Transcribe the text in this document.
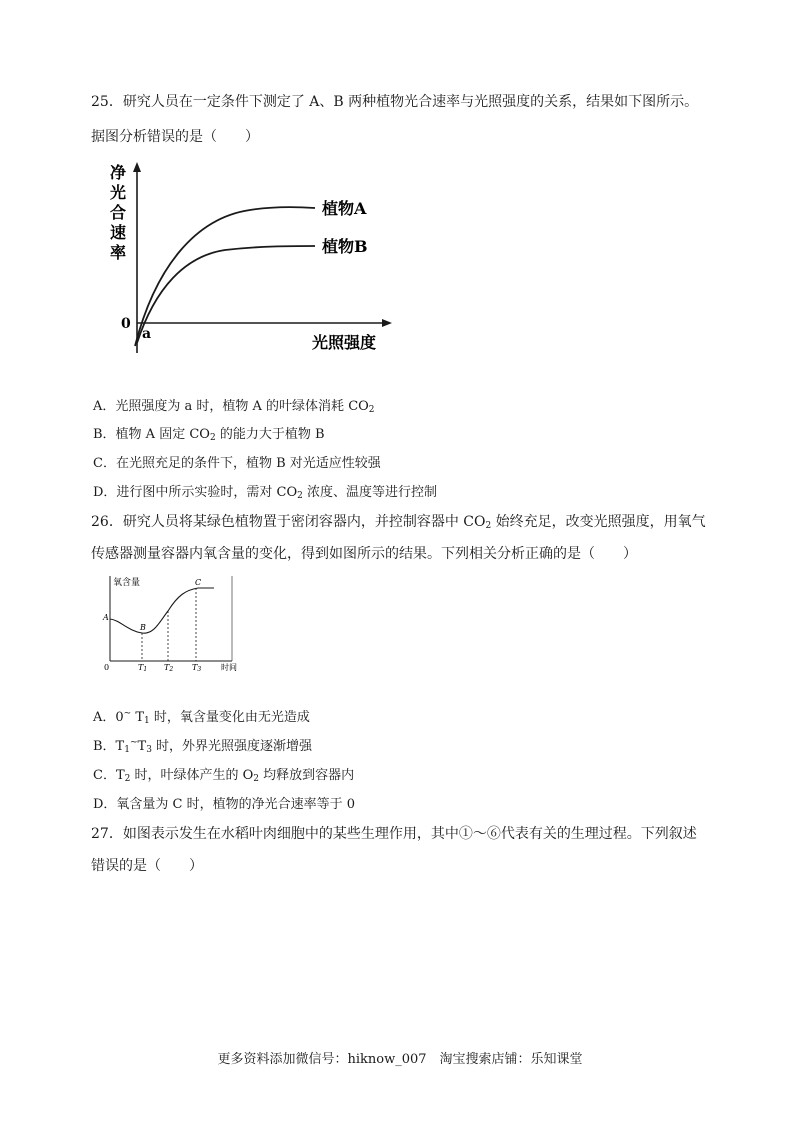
25．研究人员在一定条件下测定了 A、B 两种植物光合速率与光照强度的关系，结果如下图所示。
据图分析错误的是（　　）
净
光
合
速
率
0
a	光照强度
植物A
植物B
A．光照强度为 a 时，植物 A 的叶绿体消耗 $CO_2$
B．植物 A 固定 $CO_2$ 的能力大于植物 B
C．在光照充足的条件下，植物 B 对光适应性较强
D．进行图中所示实验时，需对 $CO_2$ 浓度、温度等进行控制
26．研究人员将某绿色植物置于密闭容器内，并控制容器中 $CO_2$ 始终充足，改变光照强度，用氧气
传感器测量容器内氧含量的变化，得到如图所示的结果。下列相关分析正确的是（　　）
氧含量
0	时间
A
B
C
T1 T2 T3
A．0~ $T_1$ 时，氧含量变化由无光造成
B．$T_1^\sim T_3$ 时，外界光照强度逐渐增强
C．$T_2$ 时，叶绿体产生的 $O_2$ 均释放到容器内
D．氧含量为 C 时，植物的净光合速率等于 0
27．如图表示发生在水稻叶肉细胞中的某些生理作用，其中①～⑥代表有关的生理过程。下列叙述
错误的是（　　）
更多资料添加微信号：hiknow_007　淘宝搜索店铺：乐知课堂
